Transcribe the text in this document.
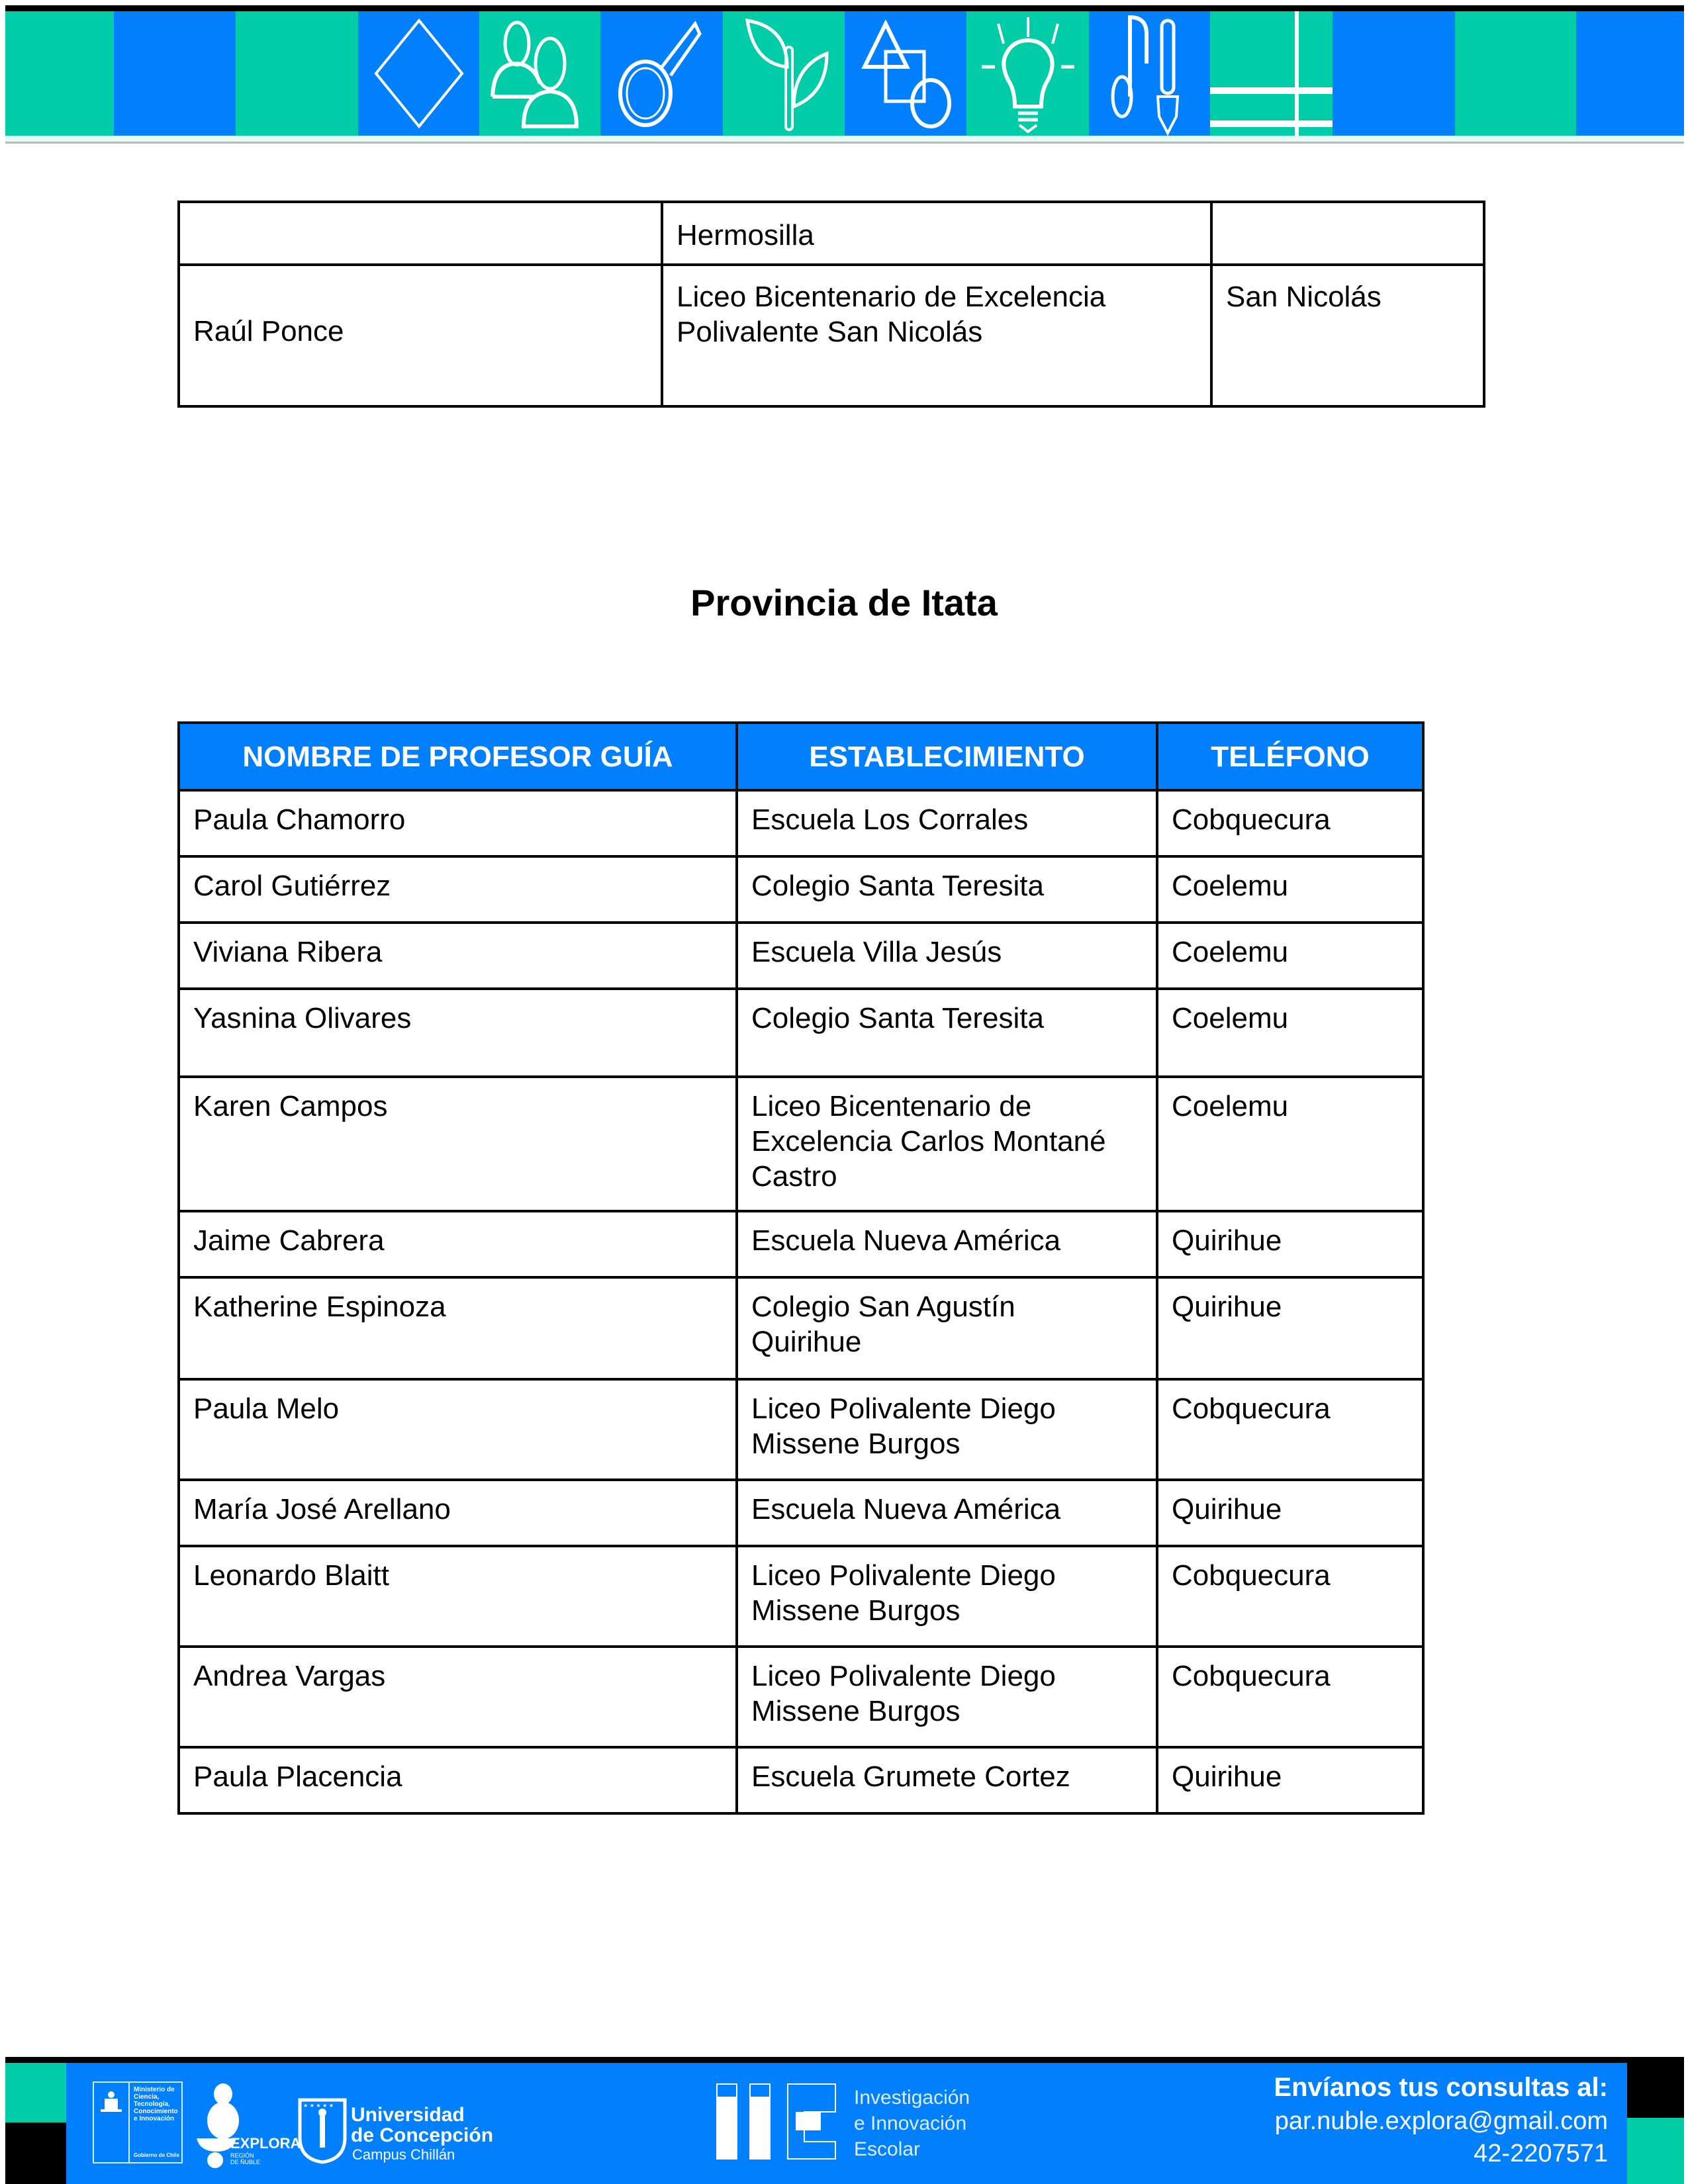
	Hermosilla	
Raúl Ponce	Liceo Bicentenario de Excelencia Polivalente San Nicolás	San Nicolás
Provincia de Itata
NOMBRE DE PROFESOR GUÍA	ESTABLECIMIENTO	TELÉFONO
Paula Chamorro	Escuela Los Corrales	Cobquecura
Carol Gutiérrez	Colegio Santa Teresita	Coelemu
Viviana Ribera	Escuela Villa Jesús	Coelemu
Yasnina Olivares	Colegio Santa Teresita	Coelemu
Karen Campos	Liceo Bicentenario de Excelencia Carlos Montané Castro	Coelemu
Jaime Cabrera	Escuela Nueva América	Quirihue
Katherine Espinoza	Colegio San Agustín Quirihue	Quirihue
Paula Melo	Liceo Polivalente Diego Missene Burgos	Cobquecura
María José Arellano	Escuela Nueva América	Quirihue
Leonardo Blaitt	Liceo Polivalente Diego Missene Burgos	Cobquecura
Andrea Vargas	Liceo Polivalente Diego Missene Burgos	Cobquecura
Paula Placencia	Escuela Grumete Cortez	Quirihue
Ministerio de
Ciencia,
Tecnología,
Conocimiento
e Innovación
Gobierno de Chile
EXPLORA
REGIÓN
DE ÑUBLE
★ ★ ★ ★ ★ Universidad
de Concepción
Campus Chillán
Investigación
e Innovación
Escolar
Envíanos tus consultas al:
par.nuble.explora@gmail.com
42-2207571
